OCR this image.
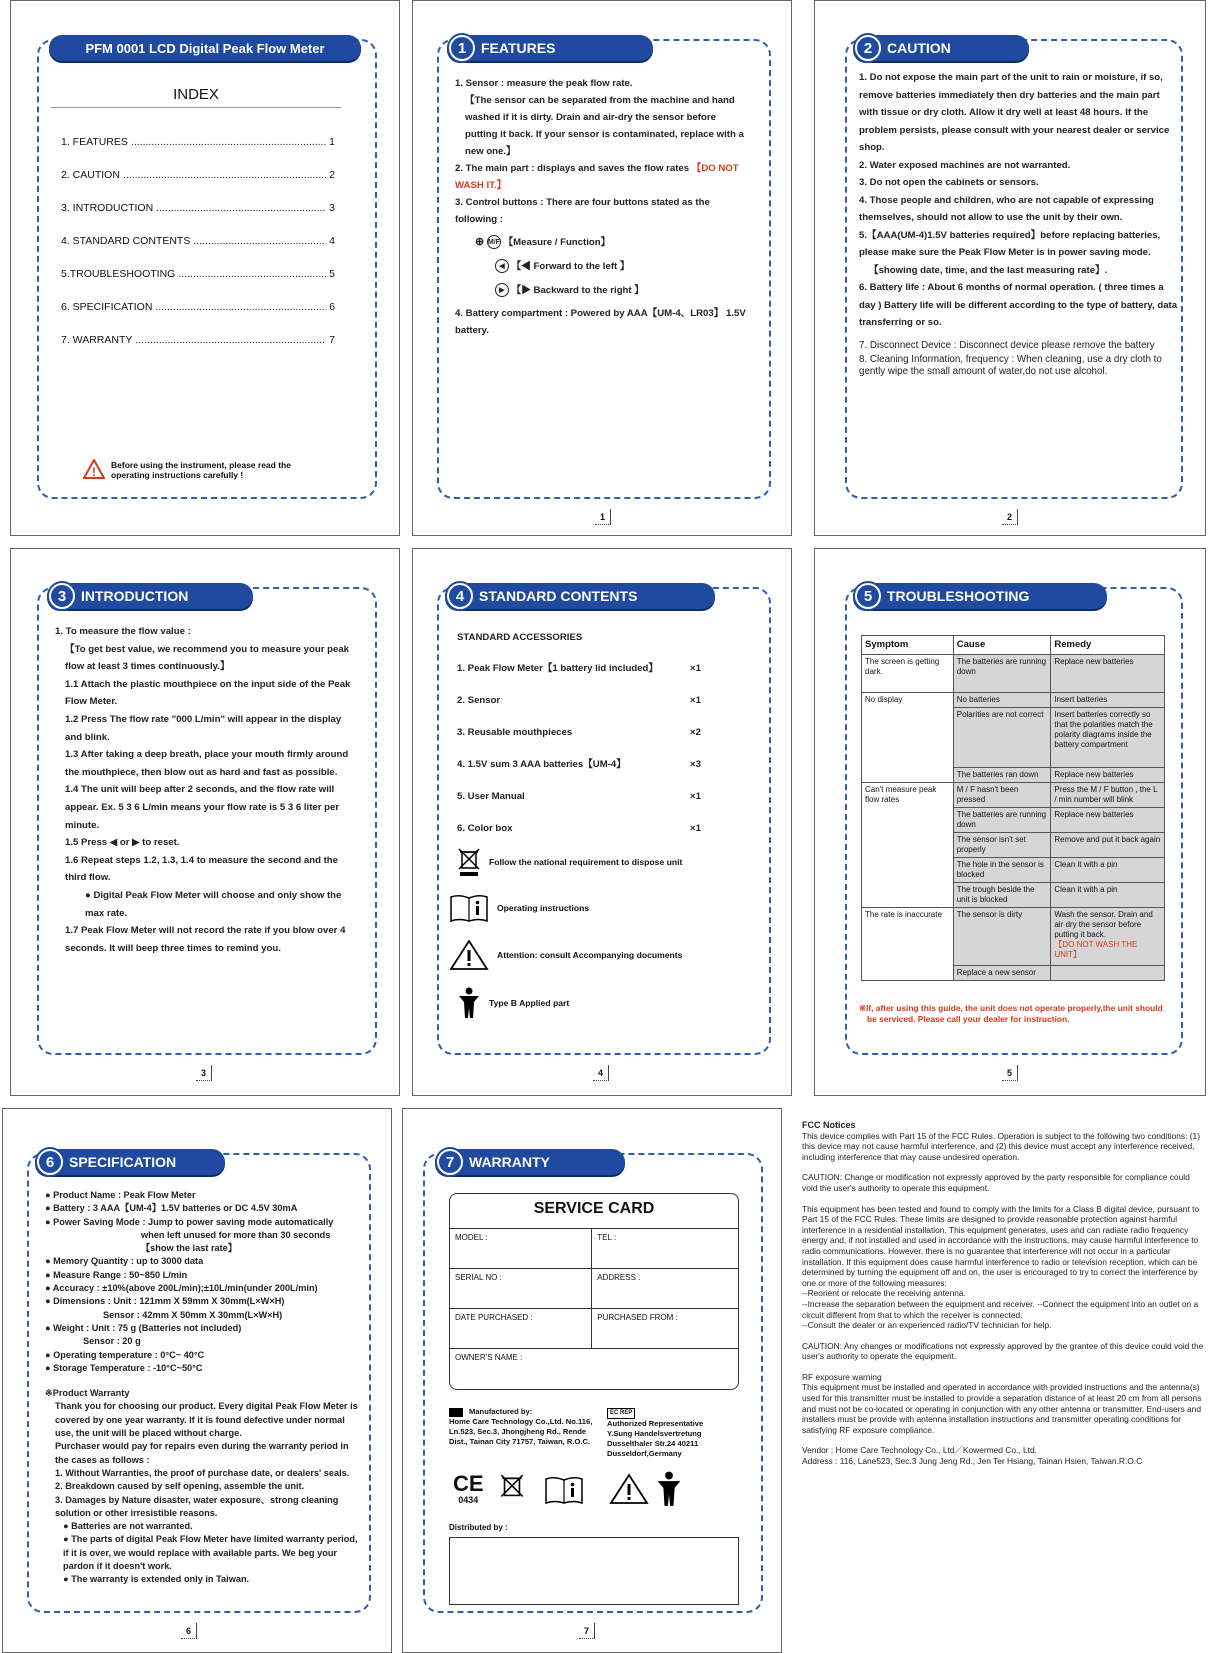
PFM 0001 LCD Digital Peak Flow Meter
INDEX
1. FEATURES .....	1
2. CAUTION .....	2
3. INTRODUCTION .....	3
4. STANDARD CONTENTS .....	4
5.TROUBLESHOOTING .....	5
6. SPECIFICATION .....	6
7. WARRANTY .....	7
! Before using the instrument, please read the operating instructions carefully !
1	FEATURES

1. Sensor : measure the peak flow rate.

【The sensor can be separated from the machine and hand washed if it is dirty. Drain and air-dry the sensor before putting it back. If your sensor is contaminated, replace with a new one.】

2. The main part : displays and saves the flow rates 【DO NOT WASH IT.】

3. Control buttons : There are four buttons stated as the following :

⊕ M/F 【Measure / Function】

◀ 【◀ Forward to the left 】

▶ 【▶ Backward to the right 】

4. Battery compartment : Powered by AAA【UM-4、LR03】 1.5V battery.

1
2	CAUTION

1. Do not expose the main part of the unit to rain or moisture, if so, remove batteries immediately then dry batteries and the main part with tissue or dry cloth. Allow it dry well at least 48 hours. If the problem persists, please consult with your nearest dealer or service shop.

2. Water exposed machines are not warranted.

3. Do not open the cabinets or sensors.

4. Those people and children, who are not capable of expressing themselves, should not allow to use the unit by their own.

5.【AAA(UM-4)1.5V batteries required】before replacing batteries, please make sure the Peak Flow Meter is in power saving mode.

【showing date, time, and the last measuring rate】.

6. Battery life : About 6 months of normal operation. ( three times a day ) Battery life will be different according to the type of battery, data transferring or so.

7. Disconnect Device : Disconnect device please remove the battery

8. Cleaning Information, frequency : When cleaning, use a dry cloth to gently wipe the small amount of water,do not use alcohol.

2
3	INTRODUCTION

1. To measure the flow value :

【To get best value, we recommend you to measure your peak flow at least 3 times continuously.】

1.1 Attach the plastic mouthpiece on the input side of the Peak Flow Meter.

1.2 Press The flow rate "000 L/min" will appear in the display and blink.

1.3 After taking a deep breath, place your mouth firmly around the mouthpiece, then blow out as hard and fast as possible.

1.4 The unit will beep after 2 seconds, and the flow rate will appear. Ex. 5 3 6 L/min means your flow rate is 5 3 6 liter per minute.

1.5 Press ◀ or ▶ to reset.

1.6 Repeat steps 1.2, 1.3, 1.4 to measure the second and the third flow.

● Digital Peak Flow Meter will choose and only show the max rate.

1.7 Peak Flow Meter will not record the rate if you blow over 4 seconds. It will beep three times to remind you.

3
4	STANDARD CONTENTS

STANDARD ACCESSORIES

1. Peak Flow Meter【1 battery lid included】	×1
2. Sensor	×1
3. Reusable mouthpieces	×2
4. 1.5V sum 3 AAA batteries【UM-4】	×3
5. User Manual	×1
6. Color box	×1
Follow the national requirement to dispose unit
Operating instructions
Attention: consult Accompanying documents
Type B Applied part
4
5	TROUBLESHOOTING
Symptom	Cause	Remedy
The screen is getting dark.	The batteries are running down	Replace new batteries
No display	No batteries	Insert batteries
	Polarities are not correct	Insert batteries correctly so that the polarities match the polarity diagrams inside the battery compartment
	The batteries ran down	Replace new batteries
Can't measure peak flow rates	M / F hasn't been pressed	Press the M / F button , the L / min number will blink
	The batteries are running down	Replace new batteries
	The sensor isn't set properly	Remove and put it back again
	The hole in the sensor is blocked	Clean it with a pin
	The trough beside the unit is blocked	Clean it with a pin
The rate is inaccurate	The sensor is dirty	Wash the sensor. Drain and air dry the sensor before putting it back.
【DO NOT WASH THE UNIT】
	Replace a new sensor	
※If, after using this guide, the unit does not operate properly,the unit should be serviced. Please call your dealer for instruction.
5
6	SPECIFICATION

● Product Name : Peak Flow Meter

● Battery : 3 AAA【UM-4】1.5V batteries or DC 4.5V 30mA

● Power Saving Mode : Jump to power saving mode automatically

when left unused for more than 30 seconds

【show the last rate】

● Memory Quantity : up to 3000 data

● Measure Range : 50~850 L/min

● Accuracy : ±10%(above 200L/min);±10L/min(under 200L/min)

● Dimensions : Unit : 121mm X 59mm X 30mm(L×W×H)

Sensor : 42mm X 50mm X 30mm(L×W×H)

● Weight : Unit : 75 g (Batteries not included)

Sensor : 20 g

● Operating temperature : 0°C~ 40°C

● Storage Temperature : -10°C~50°C

※Product Warranty

Thank you for choosing our product. Every digital Peak Flow Meter is covered by one year warranty. If it is found defective under normal use, the unit will be placed without charge.

Purchaser would pay for repairs even during the warranty period in the cases as follows :

1. Without Warranties, the proof of purchase date, or dealers' seals.

2. Breakdown caused by self opening, assemble the unit.

3. Damages by Nature disaster, water exposure、strong cleaning solution or other irresistible reasons.

● Batteries are not warranted.

● The parts of digital Peak Flow Meter have limited warranty period, if it is over, we would replace with available parts. We beg your pardon if it doesn't work.

● The warranty is extended only in Taiwan.

6
7	WARRANTY
SERVICE CARD
MODEL :	TEL :
SERIAL NO :	ADDRESS :
DATE PURCHASED :	PURCHASED FROM :
OWNER'S NAME :	
Manufactured by:
Home Care Technology Co.,Ltd. No.116, Ln.523, Sec.3, Jhongjheng Rd., Rende Dist., Tainan City 71757, Taiwan, R.O.C.
EC REP
Authorized Representative
Y.Sung Handelsvertretung Dusselthaler Str.24 40211 Dusseldorf,Germany
CE
0434
Distributed by :
7
FCC Notices

This device complies with Part 15 of the FCC Rules. Operation is subject to the following two conditions: (1) this device may not cause harmful interference, and (2) this device must accept any interference received, including interference that may cause undesired operation.

CAUTION: Change or modification not expressly approved by the party responsible for compliance could void the user's authority to operate this equipment.

This equipment has been tested and found to comply with the limits for a Class B digital device, pursuant to Part 15 of the FCC Rules. These limits are designed to provide reasonable protection against harmful interference in a residential installation. This equipment generates, uses and can radiate radio frequency energy and, if not installed and used in accordance with the instructions, may cause harmful interference to radio communications. However, there is no guarantee that interference will not occur in a particular installation. If this equipment does cause harmful interference to radio or television reception, which can be determined by turning the equipment off and on, the user is encouraged to try to correct the interference by one or more of the following measures:
--Reorient or relocate the receiving antenna.
--Increase the separation between the equipment and receiver. --Connect the equipment into an outlet on a circuit different from that to which the receiver is connected.
--Consult the dealer or an experienced radio/TV technician for help.

CAUTION: Any changes or modifications not expressly approved by the grantee of this device could void the user's authority to operate the equipment.

RF exposure warning
This equipment must be installed and operated in accordance with provided instructions and the antenna(s) used for this transmitter must be installed to provide a separation distance of at least 20 cm from all persons and must not be co-located or operating in conjunction with any other antenna or transmitter. End-users and installers must be provide with antenna installation instructions and transmitter operating conditions for satisfying RF exposure compliance.

Vendor : Home Care Technology Co., Ltd／Kowermed Co., Ltd.
Address : 116, Lane523, Sec.3 Jung Jeng Rd., Jen Ter Hsiang, Tainan Hsien, Taiwan.R.O.C
